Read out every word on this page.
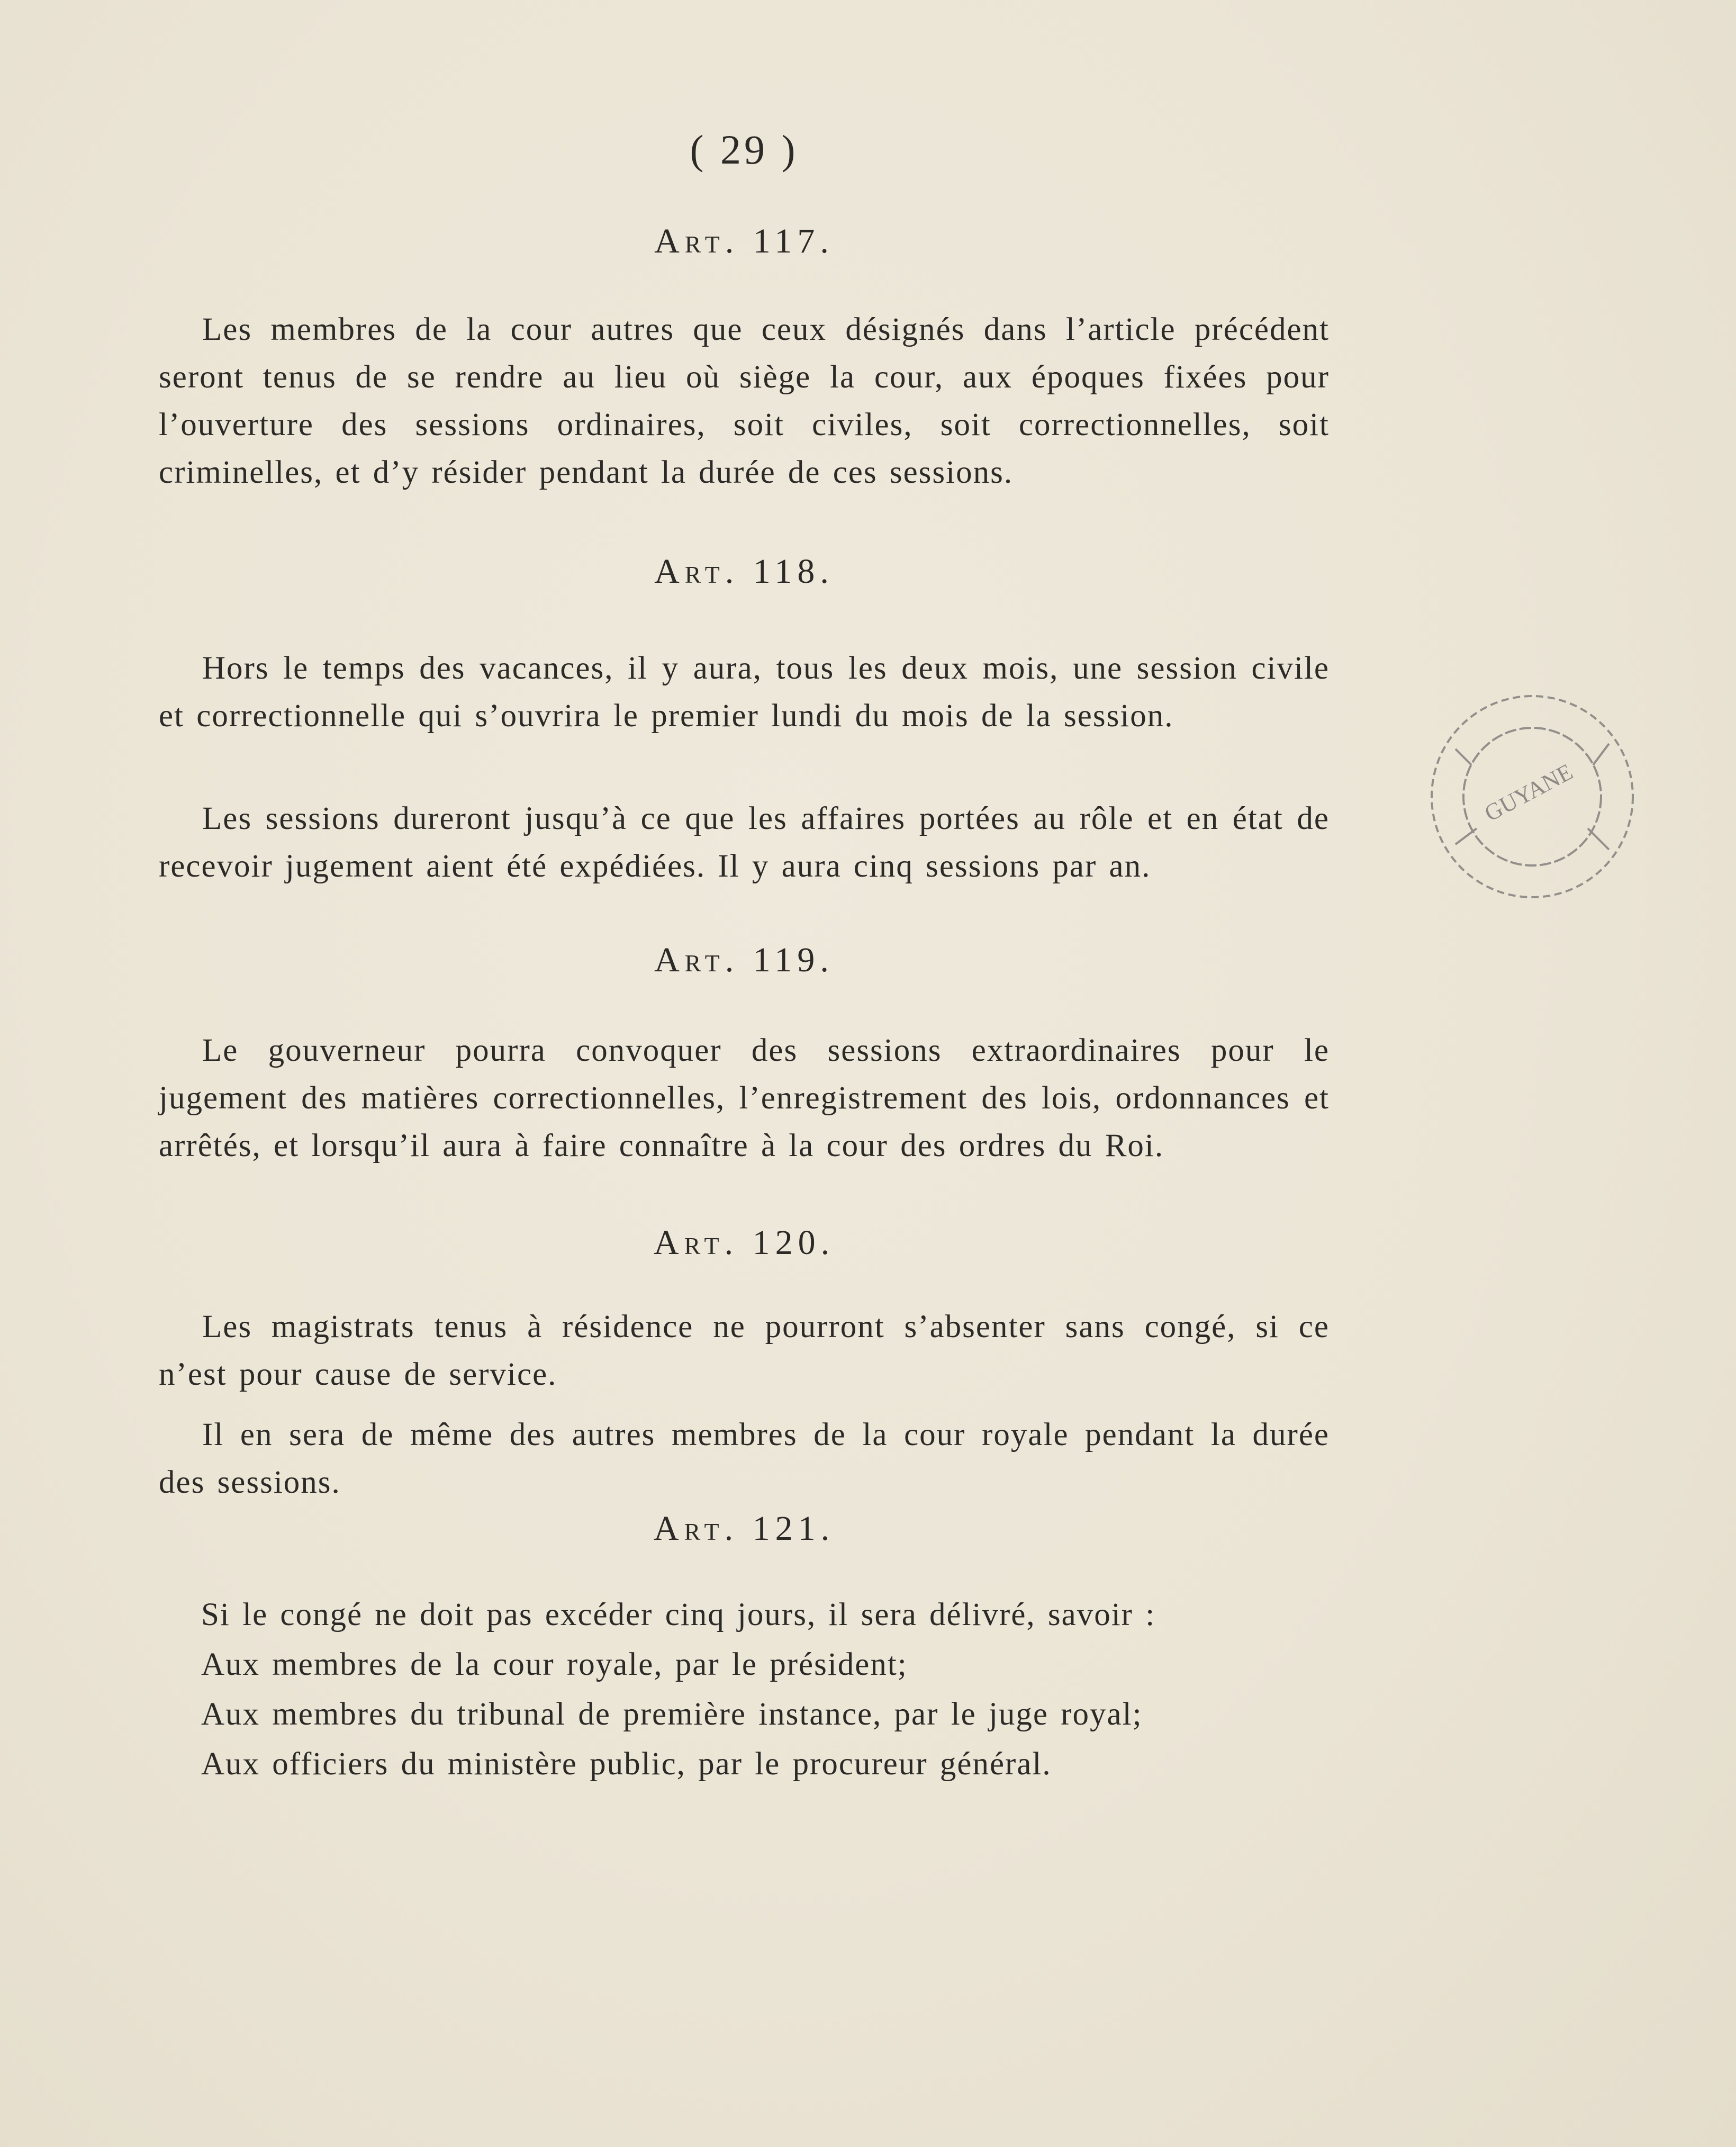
( 29 )
Art. 117.

Les membres de la cour autres que ceux désignés dans l’article précédent seront tenus de se rendre au lieu où siège la cour, aux époques fixées pour l’ouverture des sessions ordinaires, soit civiles, soit correctionnelles, soit criminelles, et d’y résider pendant la durée de ces sessions.

Art. 118.

Hors le temps des vacances, il y aura, tous les deux mois, une session civile et correctionnelle qui s’ouvrira le premier lundi du mois de la session.

Les sessions dureront jusqu’à ce que les affaires portées au rôle et en état de recevoir jugement aient été expédiées. Il y aura cinq sessions par an.

Art. 119.

Le gouverneur pourra convoquer des sessions extraordinaires pour le jugement des matières correctionnelles, l’enregistrement des lois, ordonnances et arrêtés, et lorsqu’il aura à faire connaître à la cour des ordres du Roi.

Art. 120.

Les magistrats tenus à résidence ne pourront s’absenter sans congé, si ce n’est pour cause de service.

Il en sera de même des autres membres de la cour royale pendant la durée des sessions.

Art. 121.
Si le congé ne doit pas excéder cinq jours, il sera délivré, savoir :
Aux membres de la cour royale, par le président;
Aux membres du tribunal de première instance, par le juge royal;
Aux officiers du ministère public, par le procureur général.
GUYANE
